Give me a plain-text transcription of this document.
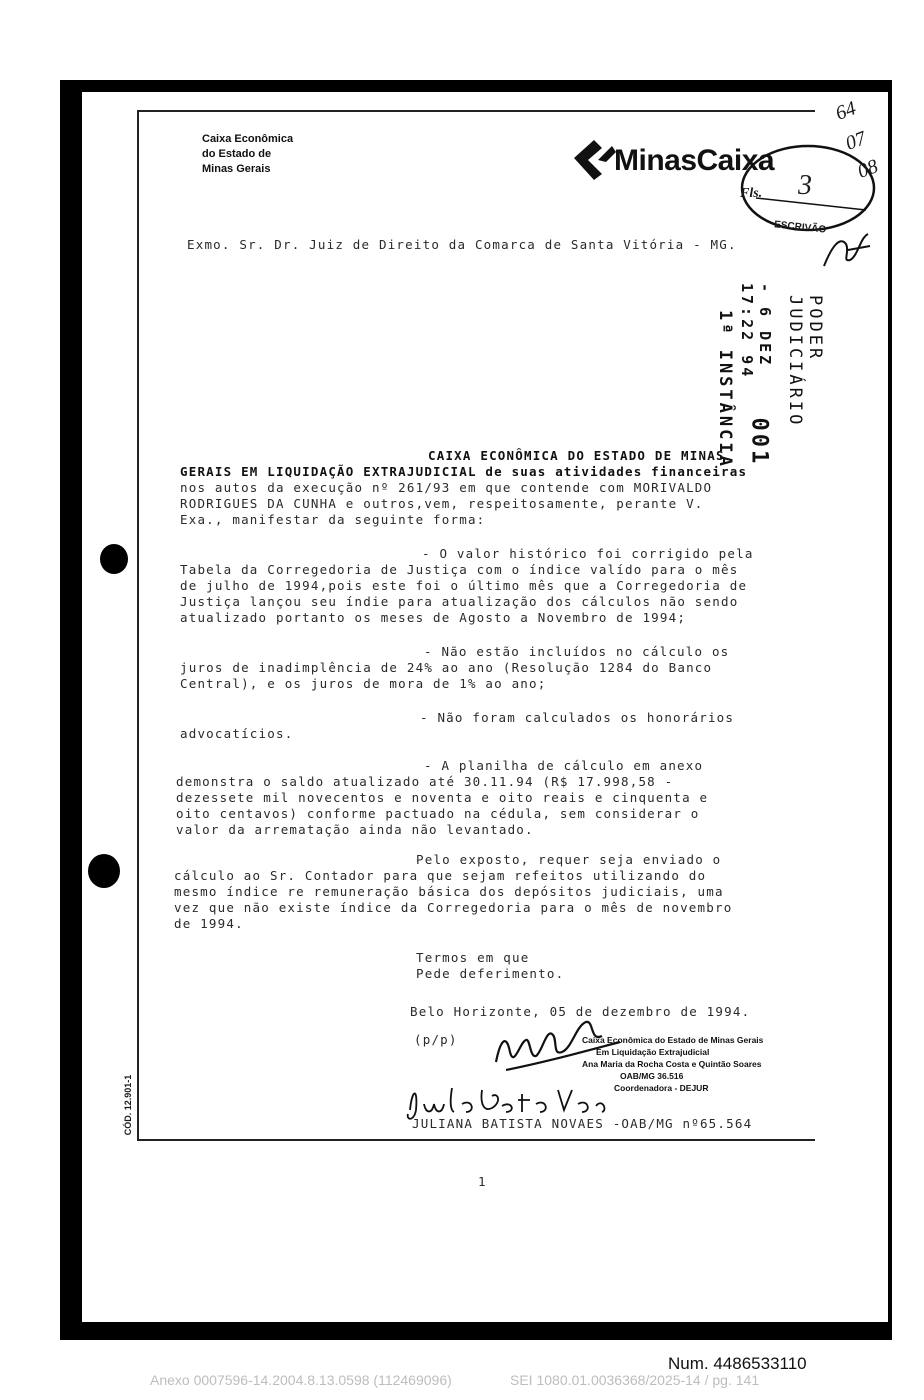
Caixa Econômica
do Estado de
Minas Gerais	MinasCaixa
Fls. 3
ESCRIVÃO
64
07
08
Exmo. Sr. Dr. Juiz de Direito da Comarca de Santa Vitória - MG.
PODER JUDICIÁRIO
1ª INSTÂNCIA	- 6 DEZ 17:22 94
001
CAIXA ECONÔMICA DO ESTADO DE MINAS
GERAIS EM LIQUIDAÇÃO EXTRAJUDICIAL de suas atividades financeiras
nos autos da execução nº 261/93 em que contende com MORIVALDO
RODRIGUES DA CUNHA e outros,vem, respeitosamente, perante V.
Exa., manifestar da seguinte forma:
- O valor histórico foi corrigido pela
Tabela da Corregedoria de Justiça com o índice valído para o mês
de julho de 1994,pois este foi o último mês que a Corregedoria de
Justiça lançou seu índie para atualização dos cálculos não sendo
atualizado portanto os meses de Agosto a Novembro de 1994;
- Não estão incluídos no cálculo os
juros de inadimplência de 24% ao ano (Resolução 1284 do Banco
Central), e os juros de mora de 1% ao ano;
- Não foram calculados os honorários
advocatícios.
- A planilha de cálculo em anexo
demonstra o saldo atualizado até 30.11.94 (R$ 17.998,58 -
dezessete mil novecentos e noventa e oito reais e cinquenta e
oito centavos) conforme pactuado na cédula, sem considerar o
valor da arrematação ainda não levantado.
Pelo exposto, requer seja enviado o
cálculo ao Sr. Contador para que sejam refeitos utilizando do
mesmo índice re remuneração básica dos depósitos judiciais, uma
vez que não existe índice da Corregedoria para o mês de novembro
de 1994.
Termos em que
Pede deferimento.
Belo Horizonte, 05 de dezembro de 1994.
(p/p)	Caixa Econômica do Estado de Minas Gerais
Em Liquidação Extrajudicial
Ana Maria da Rocha Costa e Quintão Soares
OAB/MG 36.516
Coordenadora - DEJUR
JULIANA BATISTA NOVAES -OAB/MG nº65.564
CÓD. 12.901-1
1
Num. 4486533110
Anexo 0007596-14.2004.8.13.0598 (112469096)	SEI 1080.01.0036368/2025-14 / pg. 141
